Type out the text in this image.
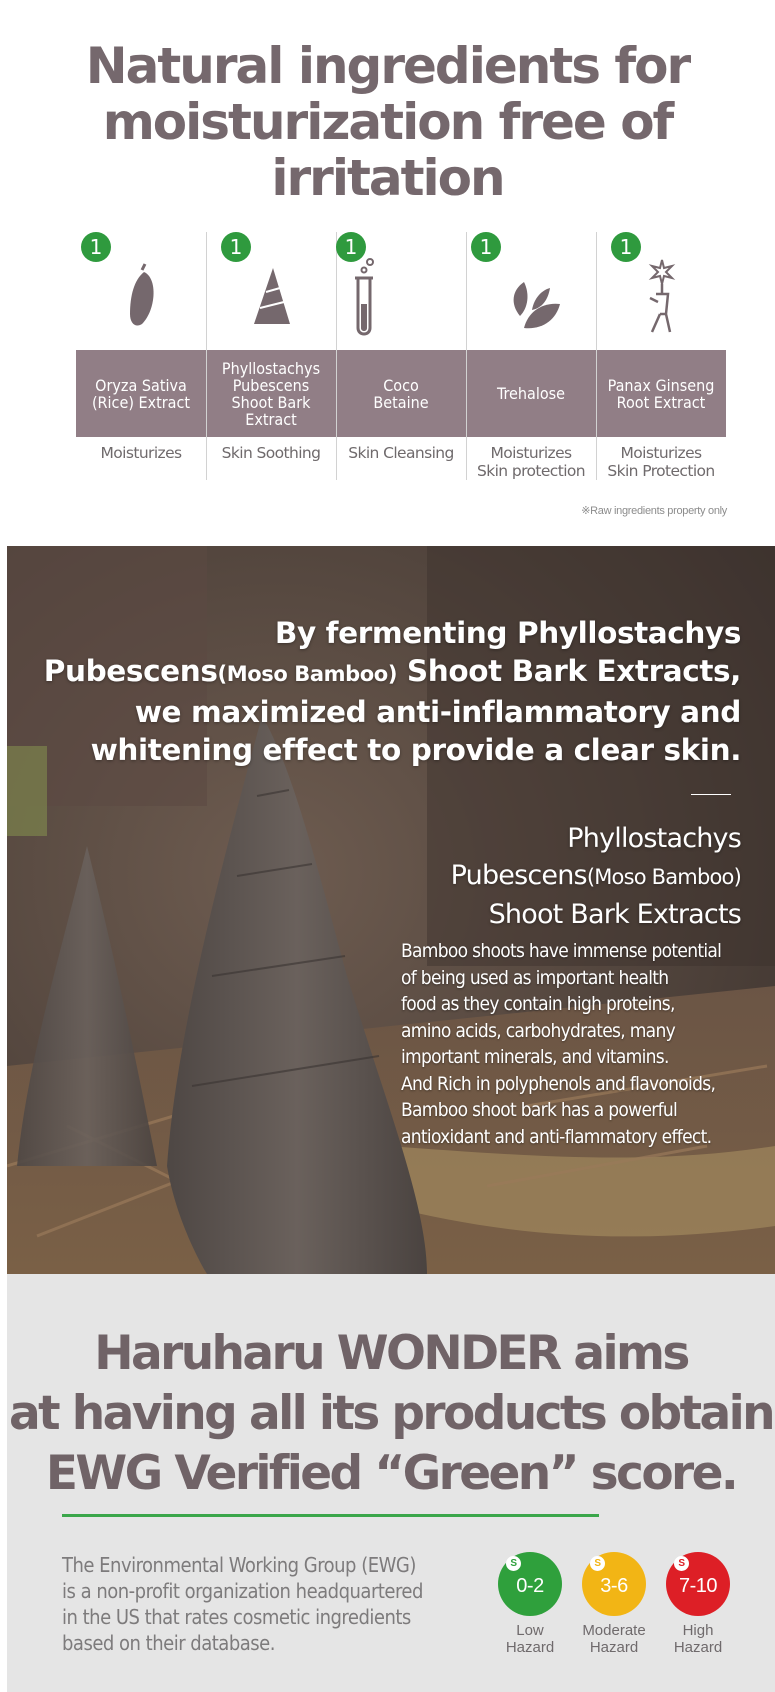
Natural ingredients for
moisturization free of irritation
Oryza Sativa
(Rice) Extract
Phyllostachys
Pubescens
Shoot Bark
Extract
Coco
Betaine	Trehalose	Panax Ginseng
Root Extract
1
Moisturizes
1
Skin Soothing
1
Skin Cleansing
1
Moisturizes
Skin protection
1
Moisturizes
Skin Protection
※Raw ingredients property only
By fermenting Phyllostachys
Pubescens(Moso Bamboo) Shoot Bark Extracts,
we maximized anti-inflammatory and
whitening effect to provide a clear skin.
Phyllostachys
Pubescens(Moso Bamboo)
Shoot Bark Extracts
Bamboo shoots have immense potential
of being used as important health
food as they contain high proteins,
amino acids, carbohydrates, many
important minerals, and vitamins.
And Rich in polyphenols and flavonoids,
Bamboo shoot bark has a powerful
antioxidant and anti-flammatory effect.
Haruharu WONDER aims
at having all its products obtain
EWG Verified “Green” score.

The Environmental Working Group (EWG)
is a non-profit organization headquartered
in the US that rates cosmetic ingredients
based on their database.

S
0-2
Low
Hazard
S
3-6
Moderate
Hazard
S
7-10
High
Hazard
